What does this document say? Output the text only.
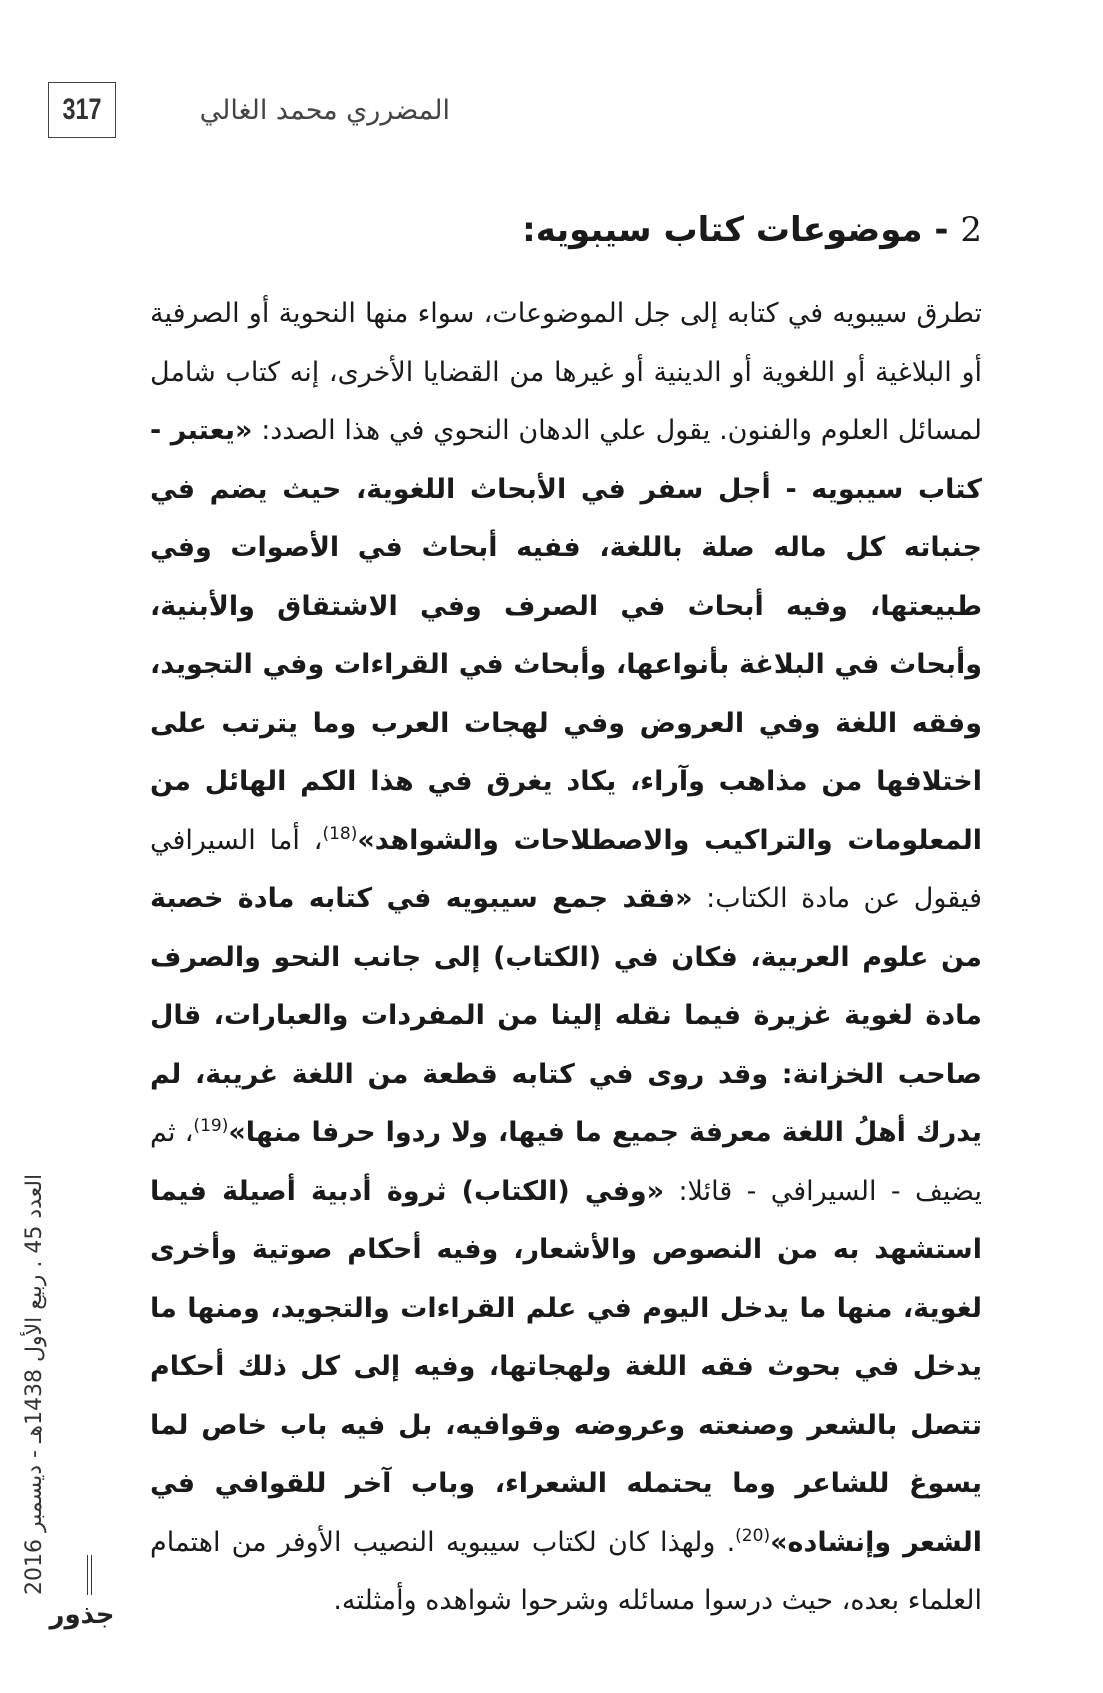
317	المضرري محمد الغالي
2 - موضوعات كتاب سيبويه:

تطرق سيبويه في كتابه إلى جل الموضوعات، سواء منها النحوية أو الصرفية أو البلاغية أو اللغوية أو الدينية أو غيرها من القضايا الأخرى، إنه كتاب شامل لمسائل العلوم والفنون. يقول علي الدهان النحوي في هذا الصدد: «يعتبر - كتاب سيبويه - أجل سفر في الأبحاث اللغوية، حيث يضم في جنباته كل ماله صلة باللغة، ففيه أبحاث في الأصوات وفي طبيعتها، وفيه أبحاث في الصرف وفي الاشتقاق والأبنية، وأبحاث في البلاغة بأنواعها، وأبحاث في القراءات وفي التجويد، وفقه اللغة وفي العروض وفي لهجات العرب وما يترتب على اختلافها من مذاهب وآراء، يكاد يغرق في هذا الكم الهائل من المعلومات والتراكيب والاصطلاحات والشواهد»$^{(18)}$، أما السيرافي فيقول عن مادة الكتاب: «فقد جمع سيبويه في كتابه مادة خصبة من علوم العربية، فكان في (الكتاب) إلى جانب النحو والصرف مادة لغوية غزيرة فيما نقله إلينا من المفردات والعبارات، قال صاحب الخزانة: وقد روى في كتابه قطعة من اللغة غريبة، لم يدرك أهلُ اللغة معرفة جميع ما فيها، ولا ردوا حرفا منها»$^{(19)}$، ثم يضيف - السيرافي - قائلا: «وفي (الكتاب) ثروة أدبية أصيلة فيما استشهد به من النصوص والأشعار، وفيه أحكام صوتية وأخرى لغوية، منها ما يدخل اليوم في علم القراءات والتجويد، ومنها ما يدخل في بحوث فقه اللغة ولهجاتها، وفيه إلى كل ذلك أحكام تتصل بالشعر وصنعته وعروضه وقوافيه، بل فيه باب خاص لما يسوغ للشاعر وما يحتمله الشعراء، وباب آخر للقوافي في الشعر وإنشاده»$^{(20)}$. ولهذا كان لكتاب سيبويه النصيب الأوفر من اهتمام العلماء بعده، حيث درسوا مسائله وشرحوا شواهده وأمثلته.

العدد 45 . ربيع الأول 1438هـ - ديسمبر 2016
جذور
